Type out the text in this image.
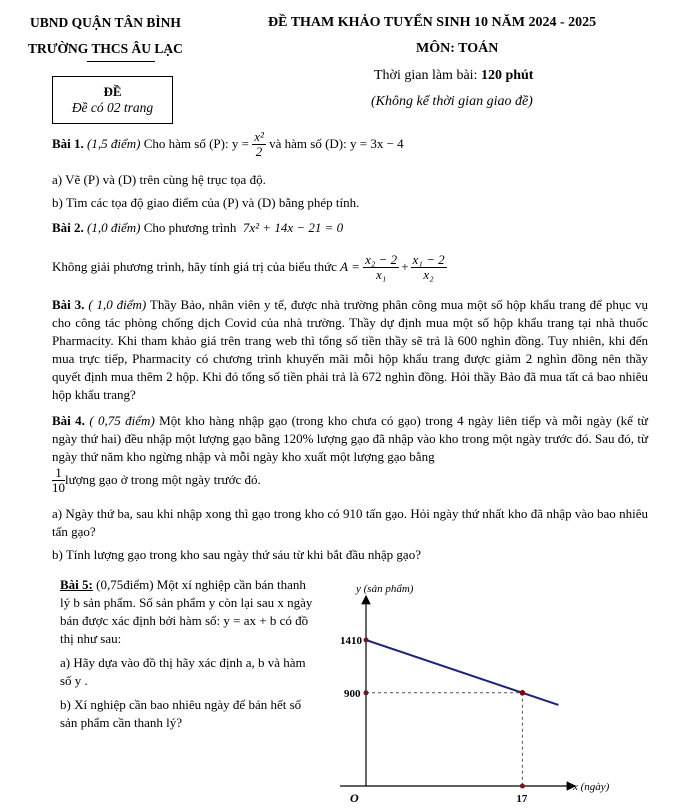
UBND QUẬN TÂN BÌNH
TRƯỜNG THCS ÂU LẠC
ĐỀ
Đề có 02 trang
ĐỀ THAM KHẢO TUYỂN SINH 10 NĂM 2024 - 2025
MÔN: TOÁN
Thời gian làm bài: 120 phút
(Không kể thời gian giao đề)
Bài 1.
(1,5 điểm)
Cho hàm số (P):
y =
$\frac{\text{x²}}{2}$
và hàm số (D):
y = 3x − 4
a) Vẽ (P) và (D) trên cùng hệ trục tọa độ.
b) Tìm các tọa độ giao điểm của (P) và (D) bằng phép tính.
Bài 2. (1,0 điểm) Cho phương trình 7x² + 14x − 21 = 0
Không giải phương trình, hãy tính giá trị của biểu thức
A =
$\frac{\text{x₂ − 2}}{\text{x₁}} + \frac{\text{x₁ − 2}}{\text{x₂}}$
Bài 3. ( 1,0 điểm) Thầy Bảo, nhân viên y tế, được nhà trường phân công mua một số hộp khẩu trang để phục vụ cho công tác phòng chống dịch Covid của nhà trường. Thầy dự định mua một số hộp khẩu trang tại nhà thuốc Pharmacity. Khi tham khảo giá trên trang web thì tổng số tiền thầy sẽ trả là 600 nghìn đồng. Tuy nhiên, khi đến mua trực tiếp, Pharmacity có chương trình khuyến mãi mỗi hộp khẩu trang được giảm 2 nghìn đồng nên thầy quyết định mua thêm 2 hộp. Khi đó tổng số tiền phải trả là 672 nghìn đồng. Hỏi thầy Bảo đã mua tất cả bao nhiêu hộp khẩu trang?
Bài 4. ( 0,75 điểm) Một kho hàng nhập gạo (trong kho chưa có gạo) trong 4 ngày liên tiếp và mỗi ngày (kể từ ngày thứ hai) đều nhập một lượng gạo bằng 120% lượng gạo đã nhập vào kho trong một ngày trước đó. Sau đó, từ ngày thứ năm kho ngừng nhập và mỗi ngày kho xuất một lượng gạo bằng
$\frac{1}{10}$ lượng gạo ở trong một ngày trước đó.
a) Ngày thứ ba, sau khi nhập xong thì gạo trong kho có 910 tấn gạo. Hỏi ngày thứ nhất kho đã nhập vào bao nhiêu tấn gạo?
b) Tính lượng gạo trong kho sau ngày thứ sáu từ khi bắt đầu nhập gạo?
Bài 5: (0,75điểm) Một xí nghiệp cần bán thanh lý b sản phẩm. Số sản phẩm y còn lại sau x ngày bán được xác định bởi hàm số: y = ax + b có đồ thị như sau:
a) Hãy dựa vào đồ thị hãy xác định a, b và hàm số y .
b) Xí nghiệp cần bao nhiêu ngày để bán hết số sản phẩm cần thanh lý?
y (sản phẩm)
x (ngày)
O
1410
900
17
